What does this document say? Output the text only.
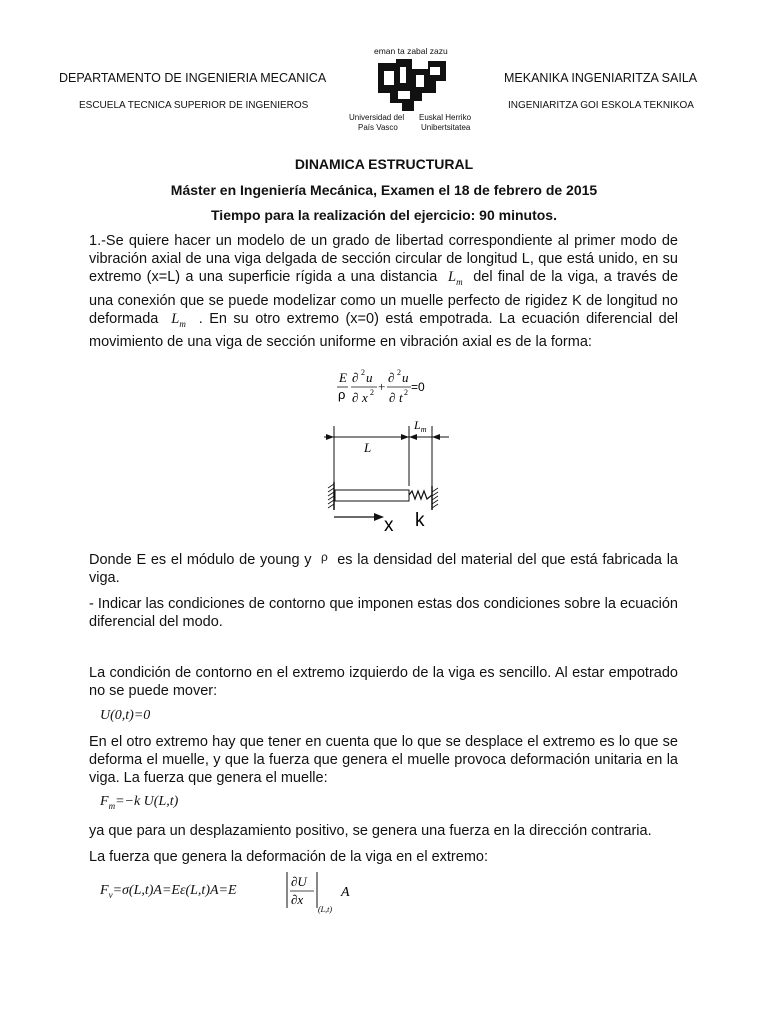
DEPARTAMENTO DE INGENIERIA MECANICA
ESCUELA TECNICA SUPERIOR DE INGENIEROS
eman ta zabal zazu
Universidad del
País Vasco
Euskal Herriko
Unibertsitatea
MEKANIKA INGENIARITZA SAILA
INGENIARITZA GOI ESKOLA TEKNIKOA
DINAMICA ESTRUCTURAL
Máster en Ingeniería Mecánica, Examen el 18 de febrero de 2015
Tiempo para la realización del ejercicio: 90 minutos.
1.-Se quiere hacer un modelo de un grado de libertad correspondiente al primer modo de vibración axial de una viga delgada de sección circular de longitud L, que está unido, en su extremo (x=L) a una superficie rígida a una distancia $L_m$ del final de la viga, a través de una conexión que se puede modelizar como un muelle perfecto de rigidez K de longitud no deformada $L_m$ . En su otro extremo (x=0) está empotrada. La ecuación diferencial del movimiento de una viga de sección uniforme en vibración axial es de la forma:
E
ρ
∂ 2 u
∂ x 2 +
∂ 2 u
∂ t 2 =0
L
$L_m$
x k
Donde E es el módulo de young y $^\rho$ es la densidad del material del que está fabricada la viga.
- Indicar las condiciones de contorno que imponen estas dos condiciones sobre la ecuación diferencial del modo.
La condición de contorno en el extremo izquierdo de la viga es sencillo. Al estar empotrado no se puede mover:
U(0,t)=0
En el otro extremo hay que tener en cuenta que lo que se desplace el extremo es lo que se deforma el muelle, y que la fuerza que genera el muelle provoca deformación unitaria en la viga. La fuerza que genera el muelle:
$F_m=-k$ U(L,t)
ya que para un desplazamiento positivo, se genera una fuerza en la dirección contraria.
La fuerza que genera la deformación de la viga en el extremo:
$F_v=\sigma(L,t)A=E\varepsilon(L,t)A=E$
∂U
∂x
(L,t)
A
